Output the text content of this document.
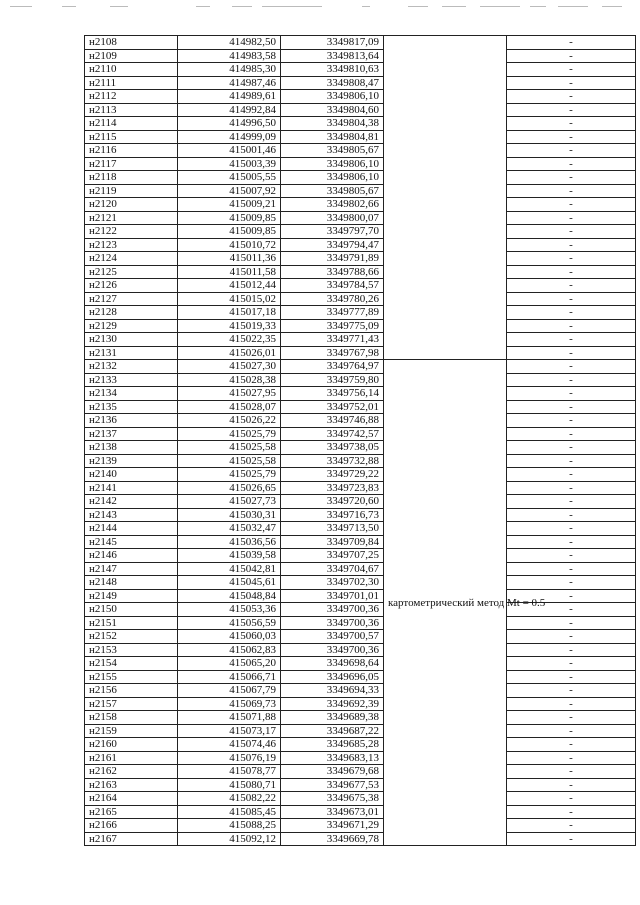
н2108	414982,50	3349817,09		-
н2109	414983,58	3349813,64		-
н2110	414985,30	3349810,63		-
н2111	414987,46	3349808,47		-
н2112	414989,61	3349806,10		-
н2113	414992,84	3349804,60		-
н2114	414996,50	3349804,38		-
н2115	414999,09	3349804,81		-
н2116	415001,46	3349805,67		-
н2117	415003,39	3349806,10		-
н2118	415005,55	3349806,10		-
н2119	415007,92	3349805,67		-
н2120	415009,21	3349802,66		-
н2121	415009,85	3349800,07		-
н2122	415009,85	3349797,70		-
н2123	415010,72	3349794,47		-
н2124	415011,36	3349791,89		-
н2125	415011,58	3349788,66		-
н2126	415012,44	3349784,57		-
н2127	415015,02	3349780,26		-
н2128	415017,18	3349777,89		-
н2129	415019,33	3349775,09		-
н2130	415022,35	3349771,43		-
н2131	415026,01	3349767,98		-
н2132	415027,30	3349764,97	картометрический метод Mt = 0.5	-
н2133	415028,38	3349759,80		-
н2134	415027,95	3349756,14		-
н2135	415028,07	3349752,01		-
н2136	415026,22	3349746,88		-
н2137	415025,79	3349742,57		-
н2138	415025,58	3349738,05		-
н2139	415025,58	3349732,88		-
н2140	415025,79	3349729,22		-
н2141	415026,65	3349723,83		-
н2142	415027,73	3349720,60		-
н2143	415030,31	3349716,73		-
н2144	415032,47	3349713,50		-
н2145	415036,56	3349709,84		-
н2146	415039,58	3349707,25		-
н2147	415042,81	3349704,67		-
н2148	415045,61	3349702,30		-
н2149	415048,84	3349701,01		-
н2150	415053,36	3349700,36		-
н2151	415056,59	3349700,36		-
н2152	415060,03	3349700,57		-
н2153	415062,83	3349700,36		-
н2154	415065,20	3349698,64		-
н2155	415066,71	3349696,05		-
н2156	415067,79	3349694,33		-
н2157	415069,73	3349692,39		-
н2158	415071,88	3349689,38		-
н2159	415073,17	3349687,22		-
н2160	415074,46	3349685,28		-
н2161	415076,19	3349683,13		-
н2162	415078,77	3349679,68		-
н2163	415080,71	3349677,53		-
н2164	415082,22	3349675,38		-
н2165	415085,45	3349673,01		-
н2166	415088,25	3349671,29		-
н2167	415092,12	3349669,78		-
